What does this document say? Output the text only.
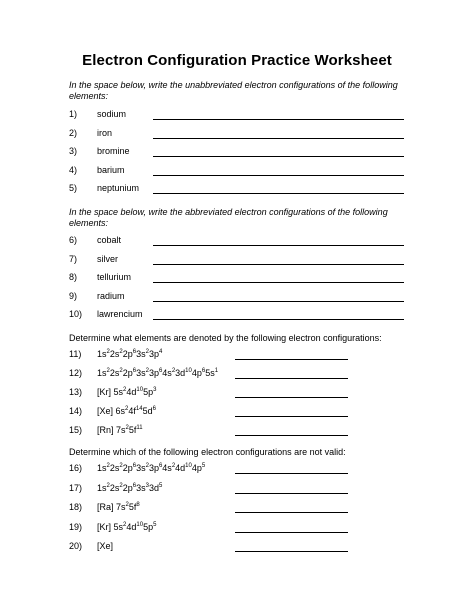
Electron Configuration Practice Worksheet
In the space below, write the unabbreviated electron configurations of the following elements:
1)	sodium
2)	iron
3)	bromine
4)	barium
5)	neptunium
In the space below, write the abbreviated electron configurations of the following elements:
6)	cobalt
7)	silver
8)	tellurium
9)	radium
10)	lawrencium
Determine what elements are denoted by the following electron configurations:
11)	$1s^22s^22p^63s^23p^4$
12)	$1s^22s^22p^63s^23p^64s^23d^{10}4p^65s^1$
13)	[Kr] $5s^24d^{10}5p^3$
14)	[Xe] $6s^24f^{14}5d^6$
15)	[Rn] $7s^25f^{11}$
Determine which of the following electron configurations are not valid:
16)	$1s^22s^22p^63s^23p^64s^24d^{10}4p^5$
17)	$1s^22s^22p^63s^33d^5$
18)	[Ra] $7s^25f^8$
19)	[Kr] $5s^24d^{10}5p^5$
20)	[Xe]
